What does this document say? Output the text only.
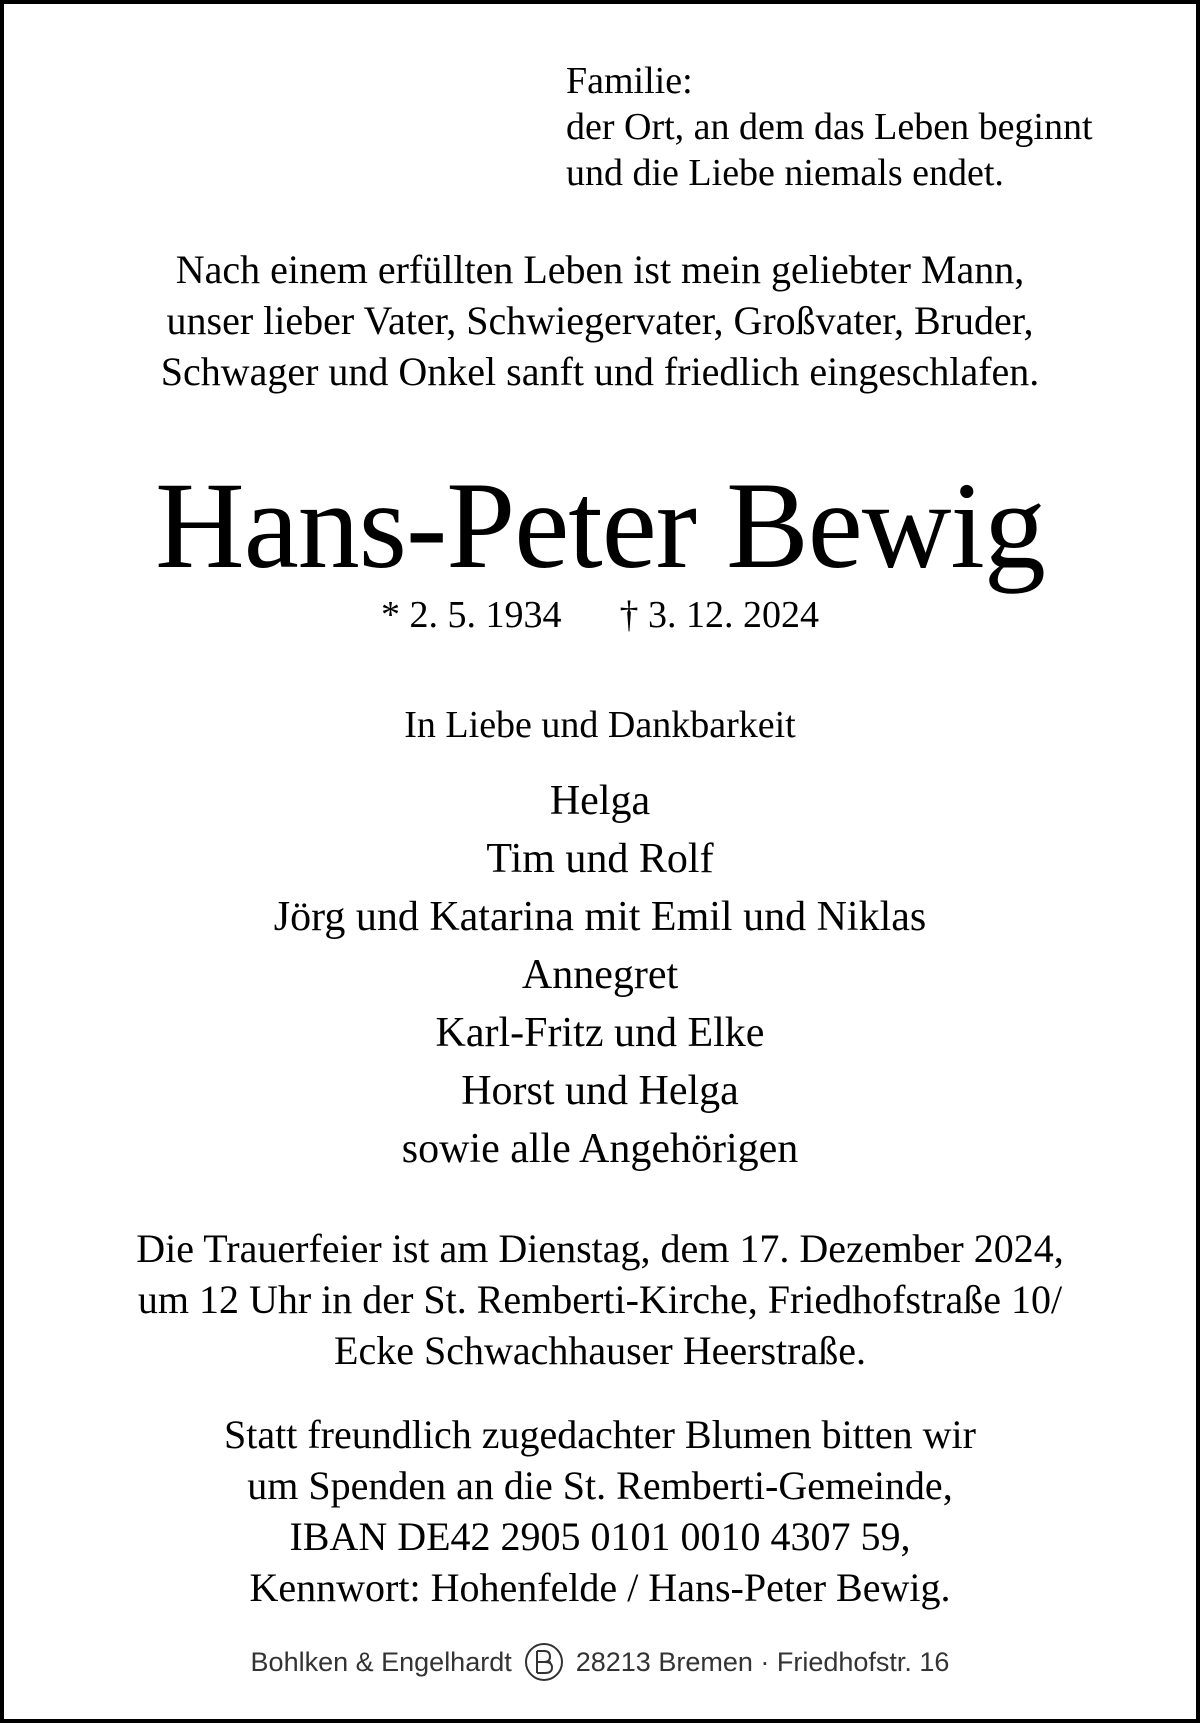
Familie:
der Ort, an dem das Leben beginnt
und die Liebe niemals endet.
Nach einem erfüllten Leben ist mein geliebter Mann,
unser lieber Vater, Schwiegervater, Großvater, Bruder,
Schwager und Onkel sanft und friedlich eingeschlafen.
Hans-Peter Bewig
* 2. 5. 1934 † 3. 12. 2024
In Liebe und Dankbarkeit
Helga
Tim und Rolf
Jörg und Katarina mit Emil und Niklas
Annegret
Karl-Fritz und Elke
Horst und Helga
sowie alle Angehörigen
Die Trauerfeier ist am Dienstag, dem 17. Dezember 2024,
um 12 Uhr in der St. Remberti-Kirche, Friedhofstraße 10/
Ecke Schwachhauser Heerstraße.
Statt freundlich zugedachter Blumen bitten wir
um Spenden an die St. Remberti-Gemeinde,
IBAN DE42 2905 0101 0010 4307 59,
Kennwort: Hohenfelde / Hans-Peter Bewig.
Bohlken & Engelhardt 28213 Bremen · Friedhofstr. 16
